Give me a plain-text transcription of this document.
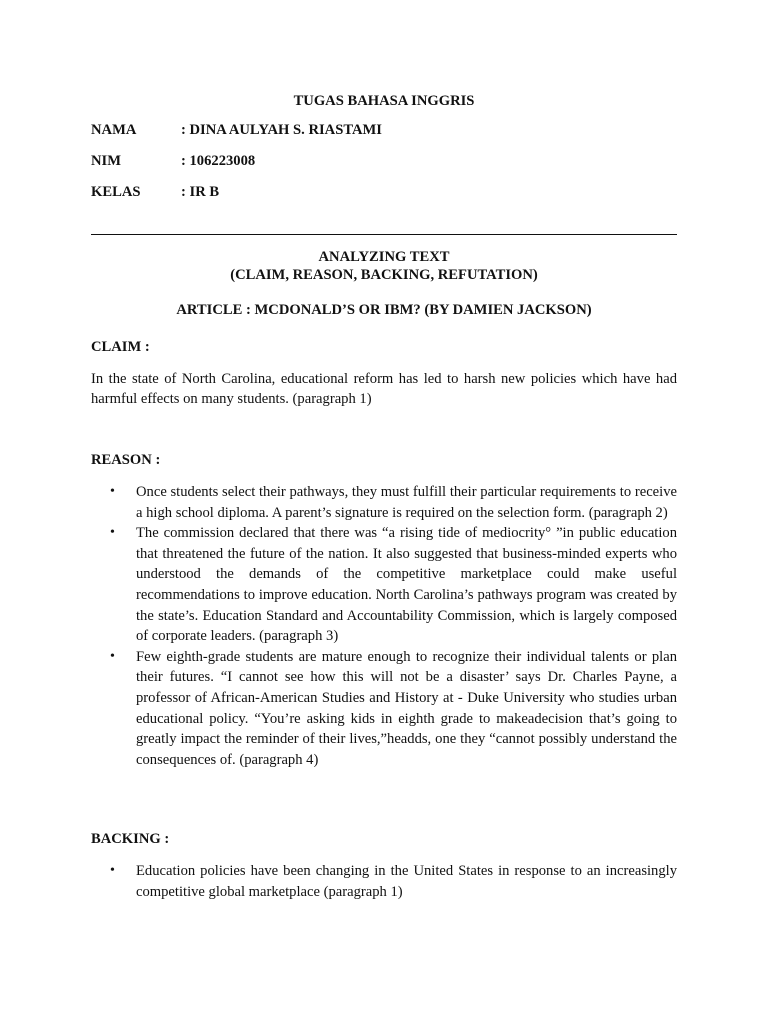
TUGAS BAHASA INGGRIS
NAMA	: DINA AULYAH S. RIASTAMI
NIM	: 106223008
KELAS	: IR B
ANALYZING TEXT
(CLAIM, REASON, BACKING, REFUTATION)
ARTICLE : MCDONALD’S OR IBM? (BY DAMIEN JACKSON)
CLAIM :
In the state of North Carolina, educational reform has led to harsh new policies which have had harmful effects on many students. (paragraph 1)
REASON :
• Once students select their pathways, they must fulfill their particular requirements to receive a high school diploma. A parent’s signature is required on the selection form. (paragraph 2)
• The commission declared that there was “a rising tide of mediocrity° ”in public education that threatened the future of the nation. It also suggested that business-minded experts who understood the demands of the competitive marketplace could make useful recommendations to improve education. North Carolina’s pathways program was created by the state’s. Education Standard and Accountability Commission, which is largely composed of corporate leaders. (paragraph 3)
• Few eighth-grade students are mature enough to recognize their individual talents or plan their futures. “I cannot see how this will not be a disaster’ says Dr. Charles Payne, a professor of African-American Studies and History at - Duke University who studies urban educational policy. “You’re asking kids in eighth grade to makeadecision that’s going to greatly impact the reminder of their lives,”headds, one they “cannot possibly understand the consequences of. (paragraph 4)
BACKING :
• Education policies have been changing in the United States in response to an increasingly competitive global marketplace (paragraph 1)
